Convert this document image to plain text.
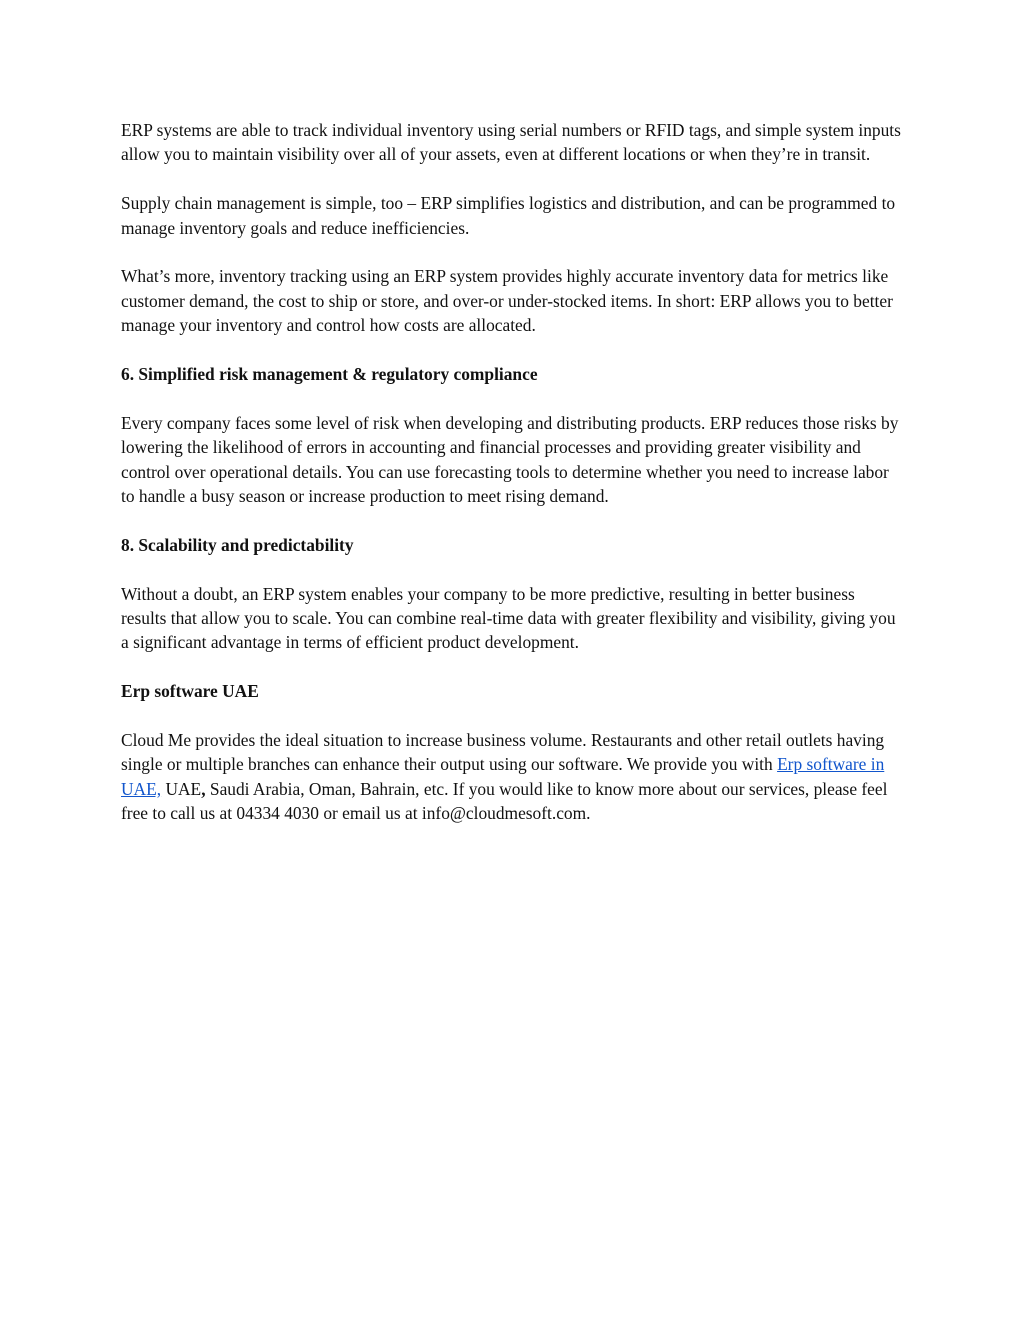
ERP systems are able to track individual inventory using serial numbers or RFID tags, and simple system inputs allow you to maintain visibility over all of your assets, even at different locations or when they’re in transit.

Supply chain management is simple, too – ERP simplifies logistics and distribution, and can be programmed to manage inventory goals and reduce inefficiencies.

What’s more, inventory tracking using an ERP system provides highly accurate inventory data for metrics like customer demand, the cost to ship or store, and over-or under-stocked items. In short: ERP allows you to better manage your inventory and control how costs are allocated.

6. Simplified risk management & regulatory compliance

Every company faces some level of risk when developing and distributing products. ERP reduces those risks by lowering the likelihood of errors in accounting and financial processes and providing greater visibility and control over operational details. You can use forecasting tools to determine whether you need to increase labor to handle a busy season or increase production to meet rising demand.

8. Scalability and predictability

Without a doubt, an ERP system enables your company to be more predictive, resulting in better business results that allow you to scale. You can combine real-time data with greater flexibility and visibility, giving you a significant advantage in terms of efficient product development.

Erp software UAE

Cloud Me provides the ideal situation to increase business volume. Restaurants and other retail outlets having single or multiple branches can enhance their output using our software. We provide you with Erp software in UAE, UAE, Saudi Arabia, Oman, Bahrain, etc. If you would like to know more about our services, please feel free to call us at 04334 4030 or email us at info@cloudmesoft.com.
